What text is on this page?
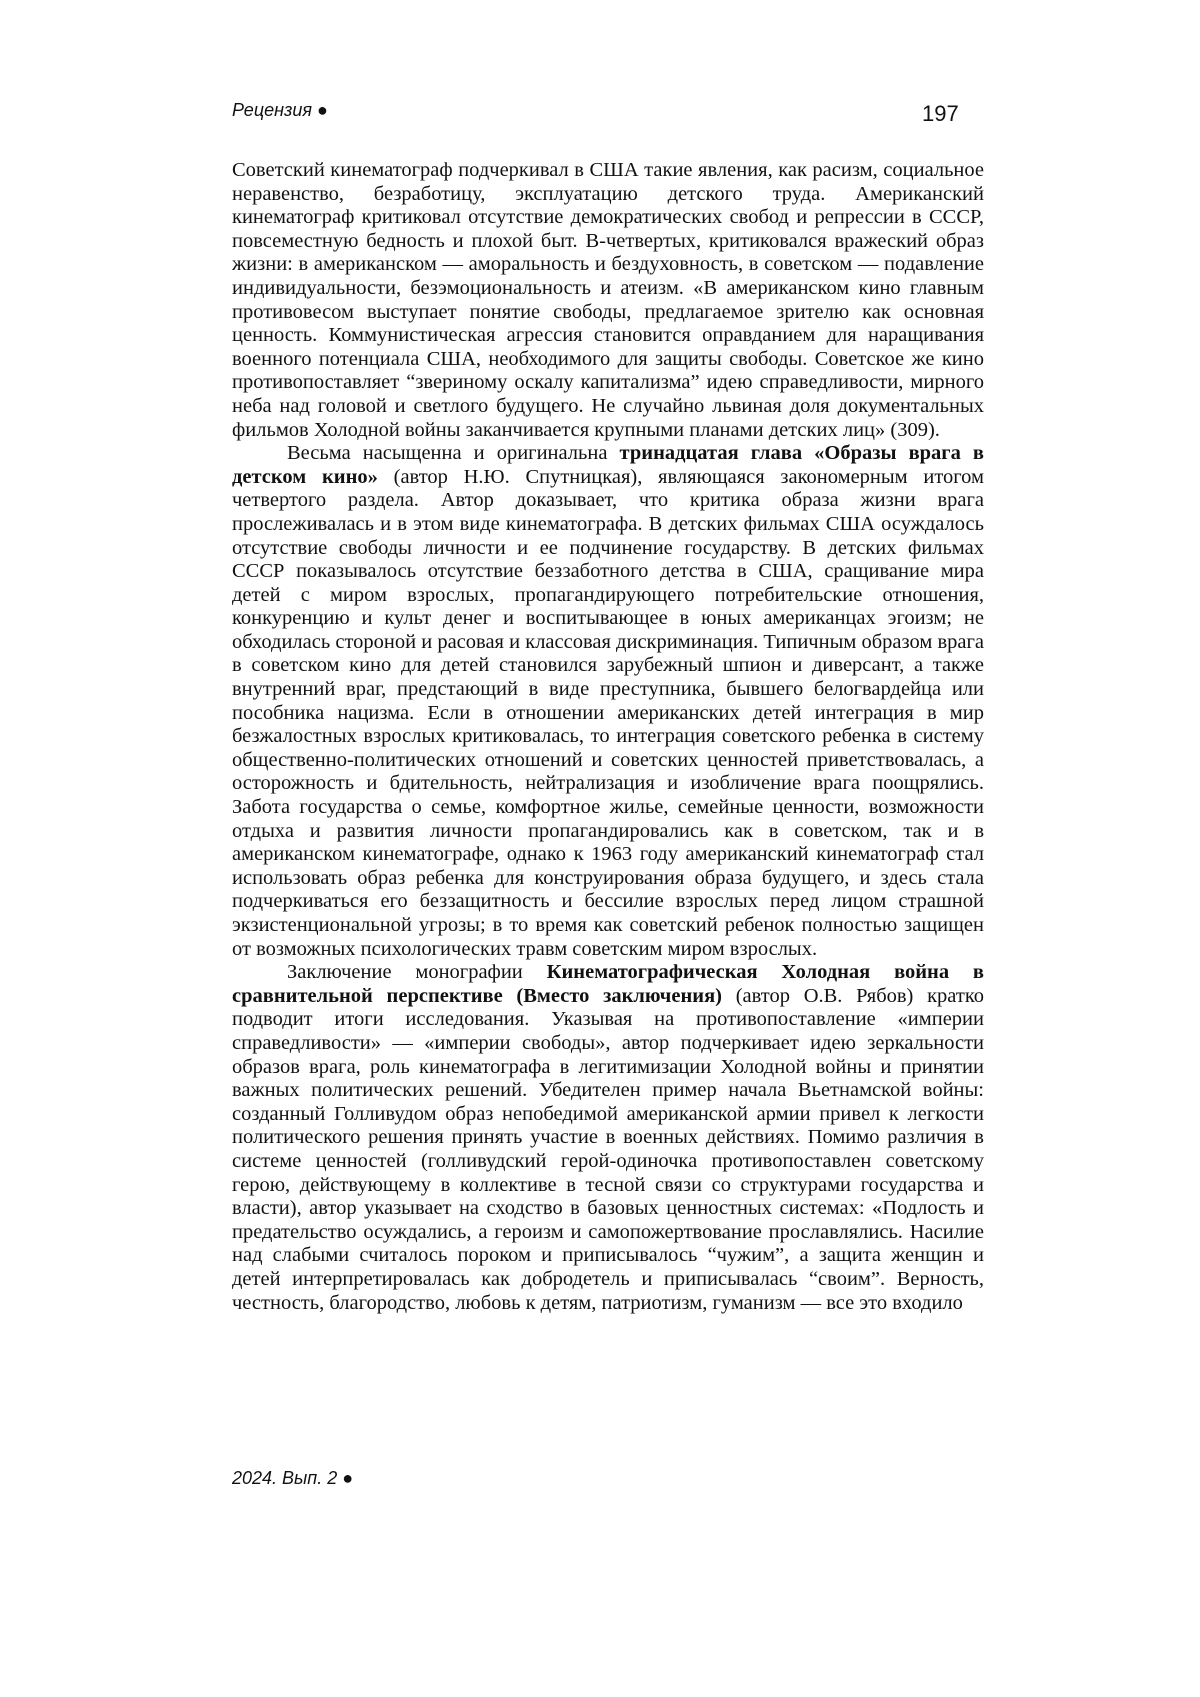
Рецензия ●	197

Советский кинематограф подчеркивал в США такие явления, как расизм, социальное неравенство, безработицу, эксплуатацию детского труда. Американский кинематограф критиковал отсутствие демократических свобод и репрессии в СССР, повсеместную бедность и плохой быт. В-четвертых, критиковался вражеский образ жизни: в американском — аморальность и бездуховность, в советском — подавление индивидуальности, безэмоциональность и атеизм. «В американском кино главным противовесом выступает понятие свободы, предлагаемое зрителю как основная ценность. Коммунистическая агрессия становится оправданием для наращивания военного потенциала США, необходимого для защиты свободы. Советское же кино противопоставляет “звериному оскалу капитализма” идею справедливости, мирного неба над головой и светлого будущего. Не случайно львиная доля документальных фильмов Холодной войны заканчивается крупными планами детских лиц» (309).

Весьма насыщенна и оригинальна тринадцатая глава «Образы врага в детском кино» (автор Н.Ю. Спутницкая), являющаяся закономерным итогом четвертого раздела. Автор доказывает, что критика образа жизни врага прослеживалась и в этом виде кинематографа. В детских фильмах США осуждалось отсутствие свободы личности и ее подчинение государству. В детских фильмах СССР показывалось отсутствие беззаботного детства в США, сращивание мира детей с миром взрослых, пропагандирующего потребительские отношения, конкуренцию и культ денег и воспитывающее в юных американцах эгоизм; не обходилась стороной и расовая и классовая дискриминация. Типичным образом врага в советском кино для детей становился зарубежный шпион и диверсант, а также внутренний враг, предстающий в виде преступника, бывшего белогвардейца или пособника нацизма. Если в отношении американских детей интеграция в мир безжалостных взрослых критиковалась, то интеграция советского ребенка в систему общественно-политических отношений и советских ценностей приветствовалась, а осторожность и бдительность, нейтрализация и изобличение врага поощрялись. Забота государства о семье, комфортное жилье, семейные ценности, возможности отдыха и развития личности пропагандировались как в советском, так и в американском кинематографе, однако к 1963 году американский кинематограф стал использовать образ ребенка для конструирования образа будущего, и здесь стала подчеркиваться его беззащитность и бессилие взрослых перед лицом страшной экзистенциональной угрозы; в то время как советский ребенок полностью защищен от возможных психологических травм советским миром взрослых.

Заключение монографии Кинематографическая Холодная война в сравнительной перспективе (Вместо заключения) (автор О.В. Рябов) кратко подводит итоги исследования. Указывая на противопоставление «империи справедливости» — «империи свободы», автор подчеркивает идею зеркальности образов врага, роль кинематографа в легитимизации Холодной войны и принятии важных политических решений. Убедителен пример начала Вьетнамской войны: созданный Голливудом образ непобедимой американской армии привел к легкости политического решения принять участие в военных действиях. Помимо различия в системе ценностей (голливудский герой-одиночка противопоставлен советскому герою, действующему в коллективе в тесной связи со структурами государства и власти), автор указывает на сходство в базовых ценностных системах: «Подлость и предательство осуждались, а героизм и самопожертвование прославлялись. Насилие над слабыми считалось пороком и приписывалось “чужим”, а защита женщин и детей интерпретировалась как добродетель и приписывалась “своим”. Верность, честность, благородство, любовь к детям, патриотизм, гуманизм — все это входило

2024. Вып. 2 ●
